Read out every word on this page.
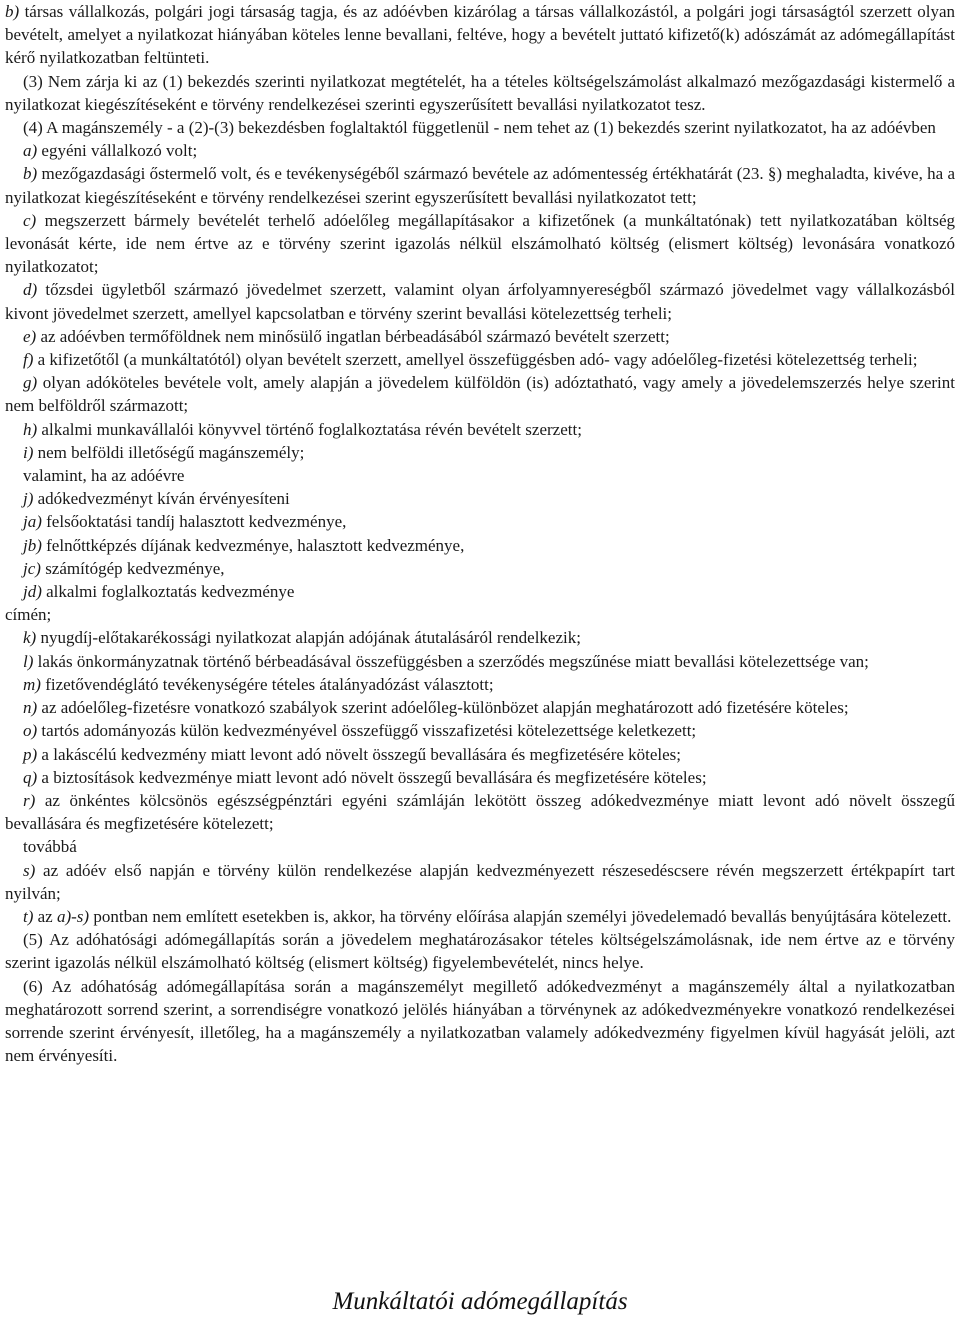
b) társas vállalkozás, polgári jogi társaság tagja, és az adóévben kizárólag a társas vállalkozástól, a polgári jogi társaságtól szerzett olyan bevételt, amelyet a nyilatkozat hiányában köteles lenne bevallani, feltéve, hogy a bevételt juttató kifizető(k) adószámát az adómegállapítást kérő nyilatkozatban feltünteti.

(3) Nem zárja ki az (1) bekezdés szerinti nyilatkozat megtételét, ha a tételes költségelszámolást alkalmazó mezőgazdasági kistermelő a nyilatkozat kiegészítéseként e törvény rendelkezései szerinti egyszerűsített bevallási nyilatkozatot tesz.

(4) A magánszemély - a (2)-(3) bekezdésben foglaltaktól függetlenül - nem tehet az (1) bekezdés szerint nyilatkozatot, ha az adóévben

a) egyéni vállalkozó volt;

b) mezőgazdasági őstermelő volt, és e tevékenységéből származó bevétele az adómentesség értékhatárát (23. §) meghaladta, kivéve, ha a nyilatkozat kiegészítéseként e törvény rendelkezései szerint egyszerűsített bevallási nyilatkozatot tett;

c) megszerzett bármely bevételét terhelő adóelőleg megállapításakor a kifizetőnek (a munkáltatónak) tett nyilatkozatában költség levonását kérte, ide nem értve az e törvény szerint igazolás nélkül elszámolható költség (elismert költség) levonására vonatkozó nyilatkozatot;

d) tőzsdei ügyletből származó jövedelmet szerzett, valamint olyan árfolyamnyereségből származó jövedelmet vagy vállalkozásból kivont jövedelmet szerzett, amellyel kapcsolatban e törvény szerint bevallási kötelezettség terheli;

e) az adóévben termőföldnek nem minősülő ingatlan bérbeadásából származó bevételt szerzett;

f) a kifizetőtől (a munkáltatótól) olyan bevételt szerzett, amellyel összefüggésben adó- vagy adóelőleg-fizetési kötelezettség terheli;

g) olyan adóköteles bevétele volt, amely alapján a jövedelem külföldön (is) adóztatható, vagy amely a jövedelemszerzés helye szerint nem belföldről származott;

h) alkalmi munkavállalói könyvvel történő foglalkoztatása révén bevételt szerzett;

i) nem belföldi illetőségű magánszemély;

valamint, ha az adóévre

j) adókedvezményt kíván érvényesíteni

ja) felsőoktatási tandíj halasztott kedvezménye,

jb) felnőttképzés díjának kedvezménye, halasztott kedvezménye,

jc) számítógép kedvezménye,

jd) alkalmi foglalkoztatás kedvezménye

címén;

k) nyugdíj-előtakarékossági nyilatkozat alapján adójának átutalásáról rendelkezik;

l) lakás önkormányzatnak történő bérbeadásával összefüggésben a szerződés megszűnése miatt bevallási kötelezettsége van;

m) fizetővendéglátó tevékenységére tételes átalányadózást választott;

n) az adóelőleg-fizetésre vonatkozó szabályok szerint adóelőleg-különbözet alapján meghatározott adó fizetésére köteles;

o) tartós adományozás külön kedvezményével összefüggő visszafizetési kötelezettsége keletkezett;

p) a lakáscélú kedvezmény miatt levont adó növelt összegű bevallására és megfizetésére köteles;

q) a biztosítások kedvezménye miatt levont adó növelt összegű bevallására és megfizetésére köteles;

r) az önkéntes kölcsönös egészségpénztári egyéni számláján lekötött összeg adókedvezménye miatt levont adó növelt összegű bevallására és megfizetésére kötelezett;

továbbá

s) az adóév első napján e törvény külön rendelkezése alapján kedvezményezett részesedéscsere révén megszerzett értékpapírt tart nyilván;

t) az a)-s) pontban nem említett esetekben is, akkor, ha törvény előírása alapján személyi jövedelemadó bevallás benyújtására kötelezett.

(5) Az adóhatósági adómegállapítás során a jövedelem meghatározásakor tételes költségelszámolásnak, ide nem értve az e törvény szerint igazolás nélkül elszámolható költség (elismert költség) figyelembevételét, nincs helye.

(6) Az adóhatóság adómegállapítása során a magánszemélyt megillető adókedvezményt a magánszemély által a nyilatkozatban meghatározott sorrend szerint, a sorrendiségre vonatkozó jelölés hiányában a törvénynek az adókedvezményekre vonatkozó rendelkezései sorrende szerint érvényesít, illetőleg, ha a magánszemély a nyilatkozatban valamely adókedvezmény figyelmen kívül hagyását jelöli, azt nem érvényesíti.

Munkáltatói adómegállapítás
